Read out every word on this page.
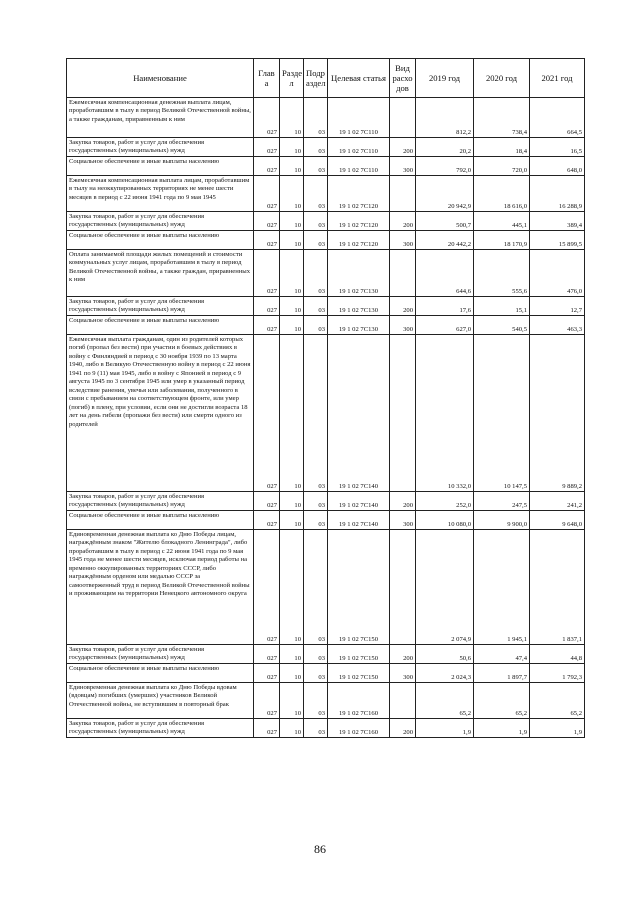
Наименование	Глав а	Разде л	Подр аздел	Целевая статья	Вид расхо дов	2019 год	2020 год	2021 год
Ежемесячная компенсационная денежная выплата лицам, проработавшим в тылу в период Великой Отечественной войны, а также гражданам, приравненным к ним	027	10	03	19 1 02 7С110		812,2	738,4	664,5
Закупка товаров, работ и услуг для обеспечения государственных (муниципальных) нужд	027	10	03	19 1 02 7С110	200	20,2	18,4	16,5
Социальное обеспечение и иные выплаты населению	027	10	03	19 1 02 7С110	300	792,0	720,0	648,0
Ежемесячная компенсационная выплата лицам, проработавшим в тылу на неоккупированных территориях не менее шести месяцев в период с 22 июня 1941 года по 9 мая 1945	027	10	03	19 1 02 7С120		20 942,9	18 616,0	16 288,9
Закупка товаров, работ и услуг для обеспечения государственных (муниципальных) нужд	027	10	03	19 1 02 7С120	200	500,7	445,1	389,4
Социальное обеспечение и иные выплаты населению	027	10	03	19 1 02 7С120	300	20 442,2	18 170,9	15 899,5
Оплата занимаемой площади жилых помещений и стоимости коммунальных услуг лицам, проработавшим в тылу в период Великой Отечественной войны, а также граждан, приравненных к ним	027	10	03	19 1 02 7С130		644,6	555,6	476,0
Закупка товаров, работ и услуг для обеспечения государственных (муниципальных) нужд	027	10	03	19 1 02 7С130	200	17,6	15,1	12,7
Социальное обеспечение и иные выплаты населению	027	10	03	19 1 02 7С130	300	627,0	540,5	463,3
Ежемесячная выплата гражданам, один из родителей которых погиб (пропал без вести) при участии в боевых действиях в войну с Финляндией в период с 30 ноября 1939 по 13 марта 1940, либо в Великую Отечественную войну в период с 22 июня 1941 по 9 (11) мая 1945, либо в войну с Японией в период с 9 августа 1945 по 3 сентября 1945 или умер в указанный период вследствие ранения, увечья или заболевания, полученного в связи с пребыванием на соответствующем фронте, или умер (погиб) в плену, при условии, если они не достигли возраста 18 лет на день гибели (пропажи без вести) или смерти одного из родителей	027	10	03	19 1 02 7С140		10 332,0	10 147,5	9 889,2
Закупка товаров, работ и услуг для обеспечения государственных (муниципальных) нужд	027	10	03	19 1 02 7С140	200	252,0	247,5	241,2
Социальное обеспечение и иные выплаты населению	027	10	03	19 1 02 7С140	300	10 080,0	9 900,0	9 648,0
Единовременная денежная выплата ко Дню Победы лицам, награждённым знаком "Жителю блокадного Ленинграда", либо проработавшим в тылу в период с 22 июня 1941 года по 9 мая 1945 года не менее шести месяцев, исключая период работы на временно оккупированных территориях СССР, либо награждённым орденом или медалью СССР за самоотверженный труд в период Великой Отечественной войны и проживающим на территории Ненецкого автономного округа	027	10	03	19 1 02 7С150		2 074,9	1 945,1	1 837,1
Закупка товаров, работ и услуг для обеспечения государственных (муниципальных) нужд	027	10	03	19 1 02 7С150	200	50,6	47,4	44,8
Социальное обеспечение и иные выплаты населению	027	10	03	19 1 02 7С150	300	2 024,3	1 897,7	1 792,3
Единовременная денежная выплата ко Дню Победы вдовам (вдовцам) погибших (умерших) участников Великой Отечественной войны, не вступившим в повторный брак	027	10	03	19 1 02 7С160		65,2	65,2	65,2
Закупка товаров, работ и услуг для обеспечения государственных (муниципальных) нужд	027	10	03	19 1 02 7С160	200	1,9	1,9	1,9
86
